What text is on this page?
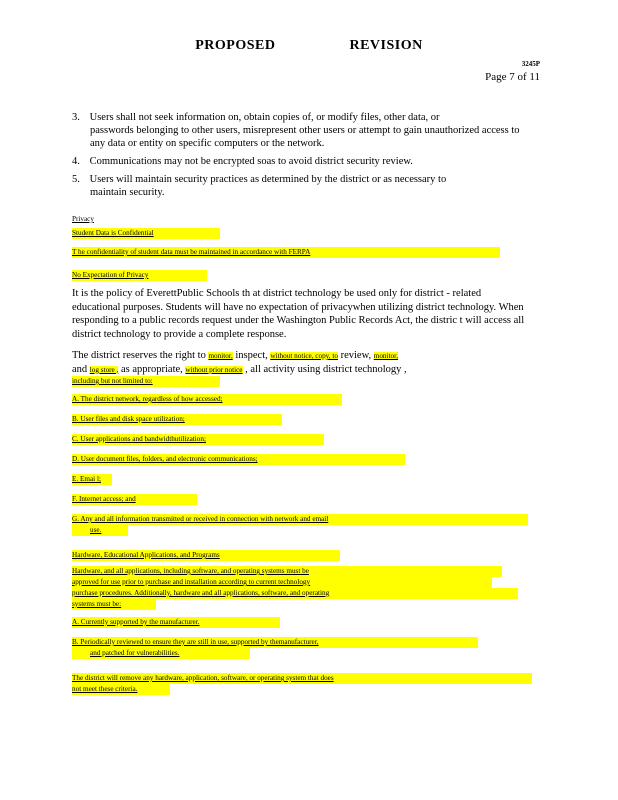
PROPOSED	REVISION
3245P
Page 7 of 11

3. Users shall not seek information on, obtain copies of, or modify files, other data, or
passwords belonging to other users, misrepresent other users or attempt to gain unauthorized access to any data or entity on specific computers or the network.

4. Communications may not be encrypted soas to avoid district security review.

5. Users will maintain security practices as determined by the district or as necessary to
maintain security.

Privacy
Student Data is Confidential
T he confidentiality of student data must be maintained in accordance with FERPA
No Expectation of Privacy

It is the policy of EverettPublic Schools th at district technology be used only for district - related educational purposes. Students will have no expectation of privacywhen utilizing district technology. When responding to a public records request under the Washington Public Records Act, the distric t will access all district technology to provide a complete response.

The district reserves the right to monitor, inspect, without notice, copy, to review, monitor,
and log store , as appropriate, without prior notice , all activity using district technology ,

including but not limited to:
A. The district network, regardless of how accessed;
B. User files and disk space utilization;
C. User applications and bandwidthutilization;
D. User document files, folders, and electronic communications;
E. Emai l;
F. Internet access; and
G. Any and all information transmitted or received in connection with network and email
use.
Hardware, Educational Applications, and Programs
Hardware, and all applications, including software, and operating systems must be
approved for use prior to purchase and installation according to current technology
purchase procedures. Additionally, hardware and all applications, software, and operating
systems must be:
A. Currently supported by the manufacturer.
B. Periodically reviewed to ensure they are still in use, supported by themanufacturer,
and patched for vulnerabilities.
The district will remove any hardware, application, software, or operating system that does
not meet these criteria.
